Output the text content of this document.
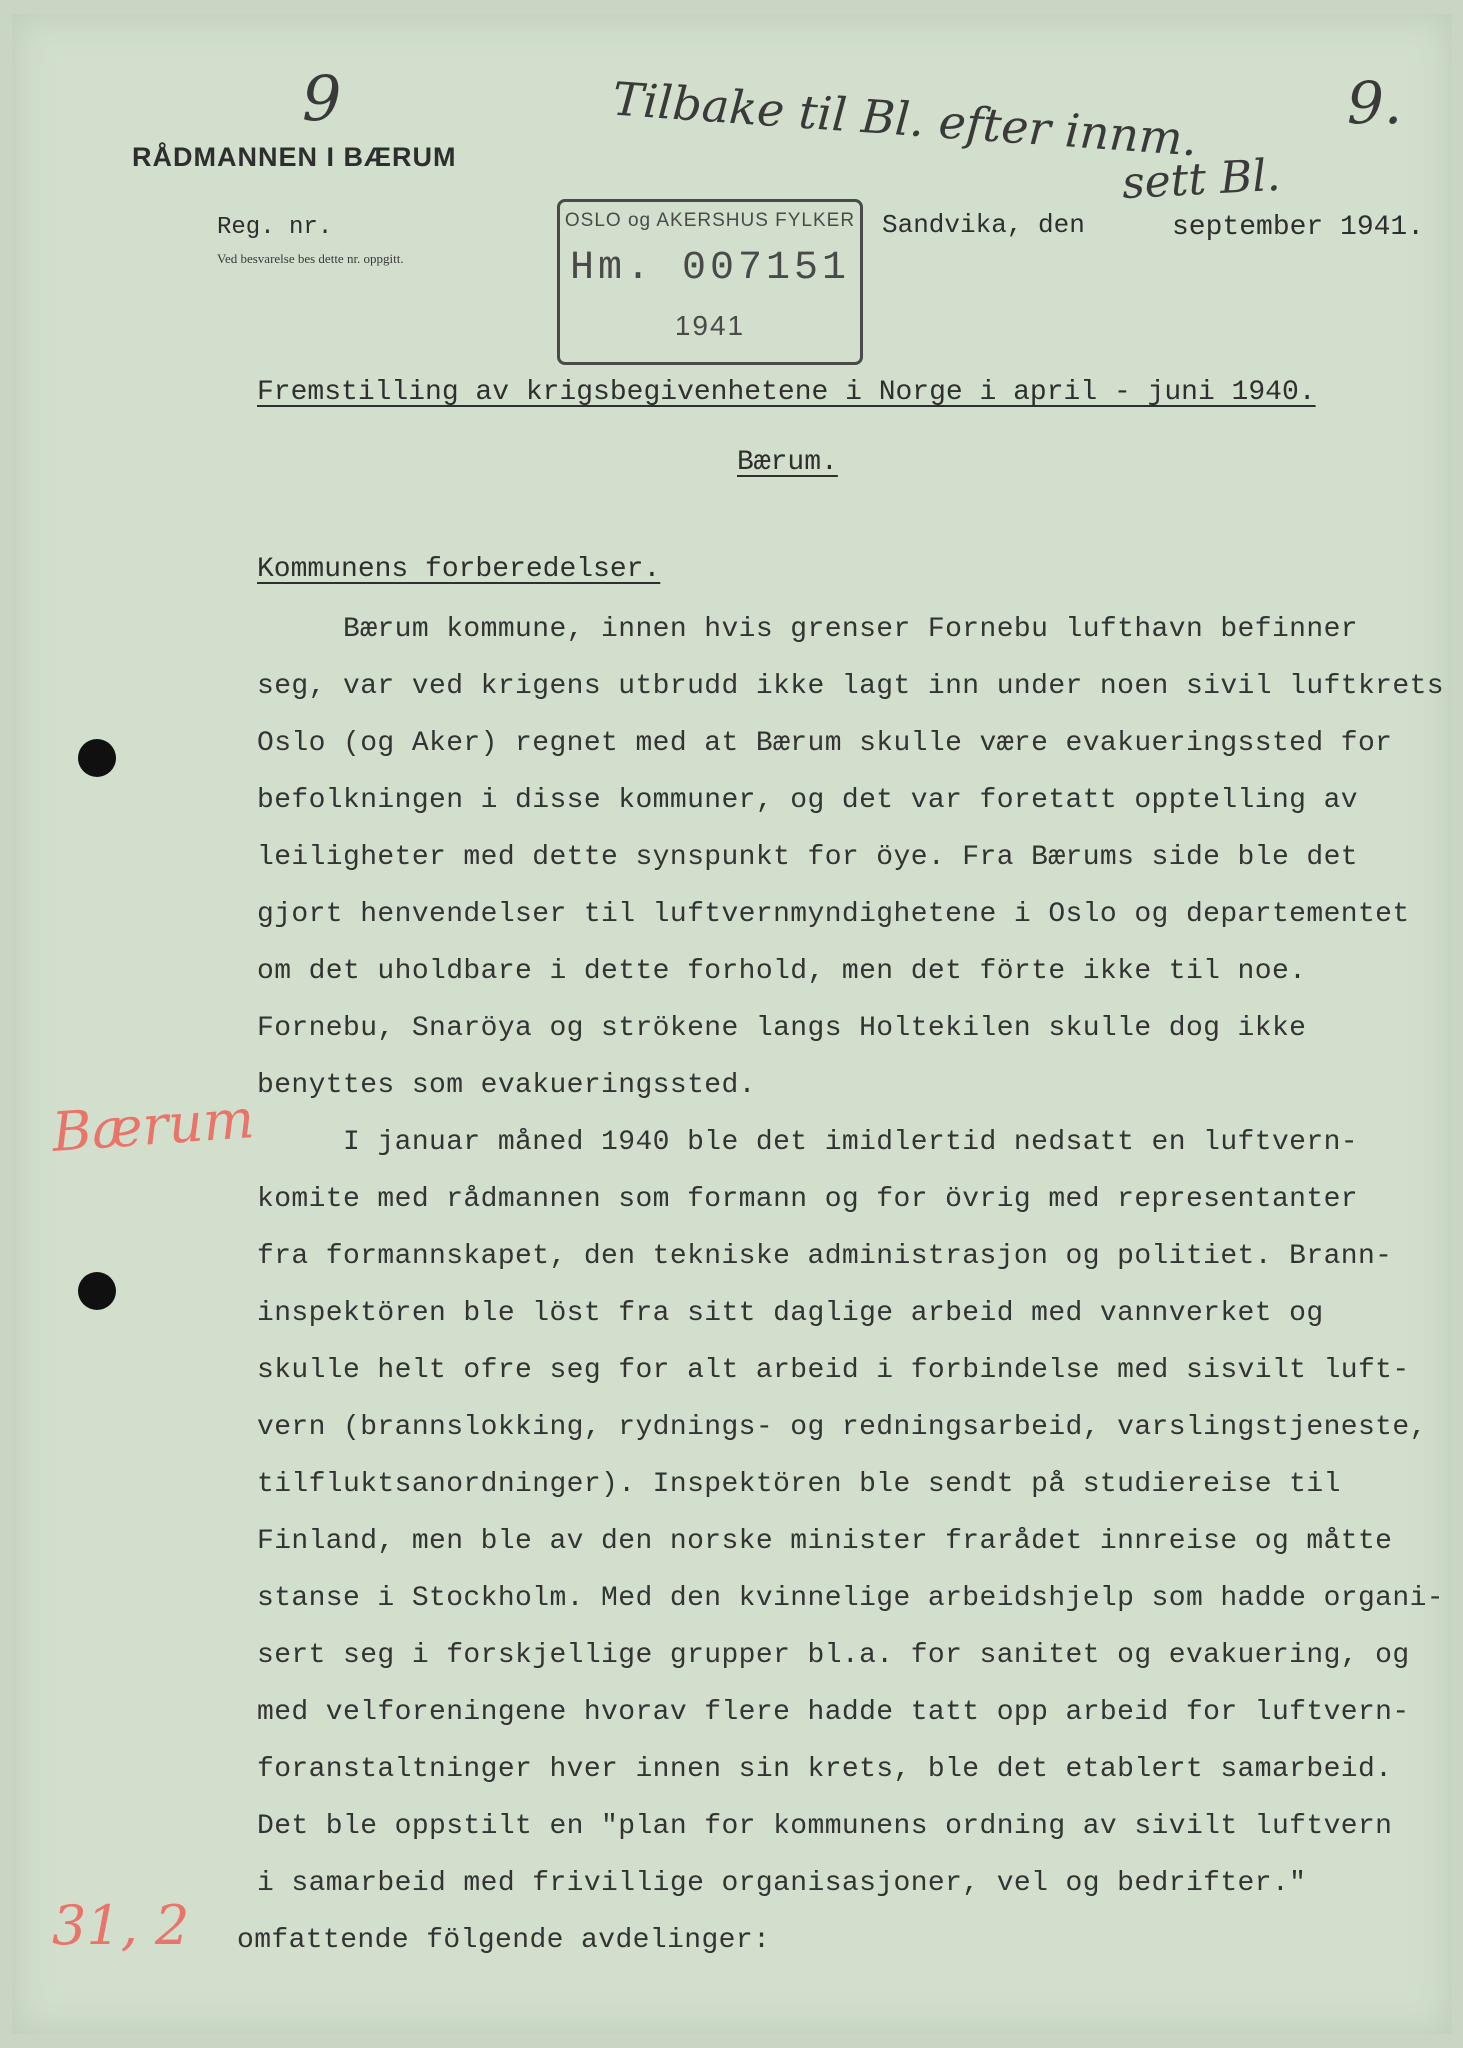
9	Tilbake til Bl. efter innm.
sett Bl.
9.
RÅDMANNEN I BÆRUM
Reg. nr.
Ved besvarelse bes dette nr. oppgitt.
Sandvika, den	september 1941.
OSLO og AKERSHUS FYLKER
Hm. 007151
1941
Fremstilling av krigsbegivenhetene i Norge i april - juni 1940.
Bærum.
Kommunens forberedelser.
Bærum kommune, innen hvis grenser Fornebu lufthavn befinner
seg, var ved krigens utbrudd ikke lagt inn under noen sivil luftkrets
Oslo (og Aker) regnet med at Bærum skulle være evakueringssted for
befolkningen i disse kommuner, og det var foretatt opptelling av
leiligheter med dette synspunkt for öye. Fra Bærums side ble det
gjort henvendelser til luftvernmyndighetene i Oslo og departementet
om det uholdbare i dette forhold, men det förte ikke til noe.
Fornebu, Snaröya og strökene langs Holtekilen skulle dog ikke
benyttes som evakueringssted.
I januar måned 1940 ble det imidlertid nedsatt en luftvern-
komite med rådmannen som formann og for övrig med representanter
fra formannskapet, den tekniske administrasjon og politiet. Brann-
inspektören ble löst fra sitt daglige arbeid med vannverket og
skulle helt ofre seg for alt arbeid i forbindelse med sisvilt luft-
vern (brannslokking, rydnings- og redningsarbeid, varslingstjeneste,
tilfluktsanordninger). Inspektören ble sendt på studiereise til
Finland, men ble av den norske minister frarådet innreise og måtte
stanse i Stockholm. Med den kvinnelige arbeidshjelp som hadde organi-
sert seg i forskjellige grupper bl.a. for sanitet og evakuering, og
med velforeningene hvorav flere hadde tatt opp arbeid for luftvern-
foranstaltninger hver innen sin krets, ble det etablert samarbeid.
Det ble oppstilt en "plan for kommunens ordning av sivilt luftvern
i samarbeid med frivillige organisasjoner, vel og bedrifter."
omfattende fölgende avdelinger:
Bærum
31, 2
